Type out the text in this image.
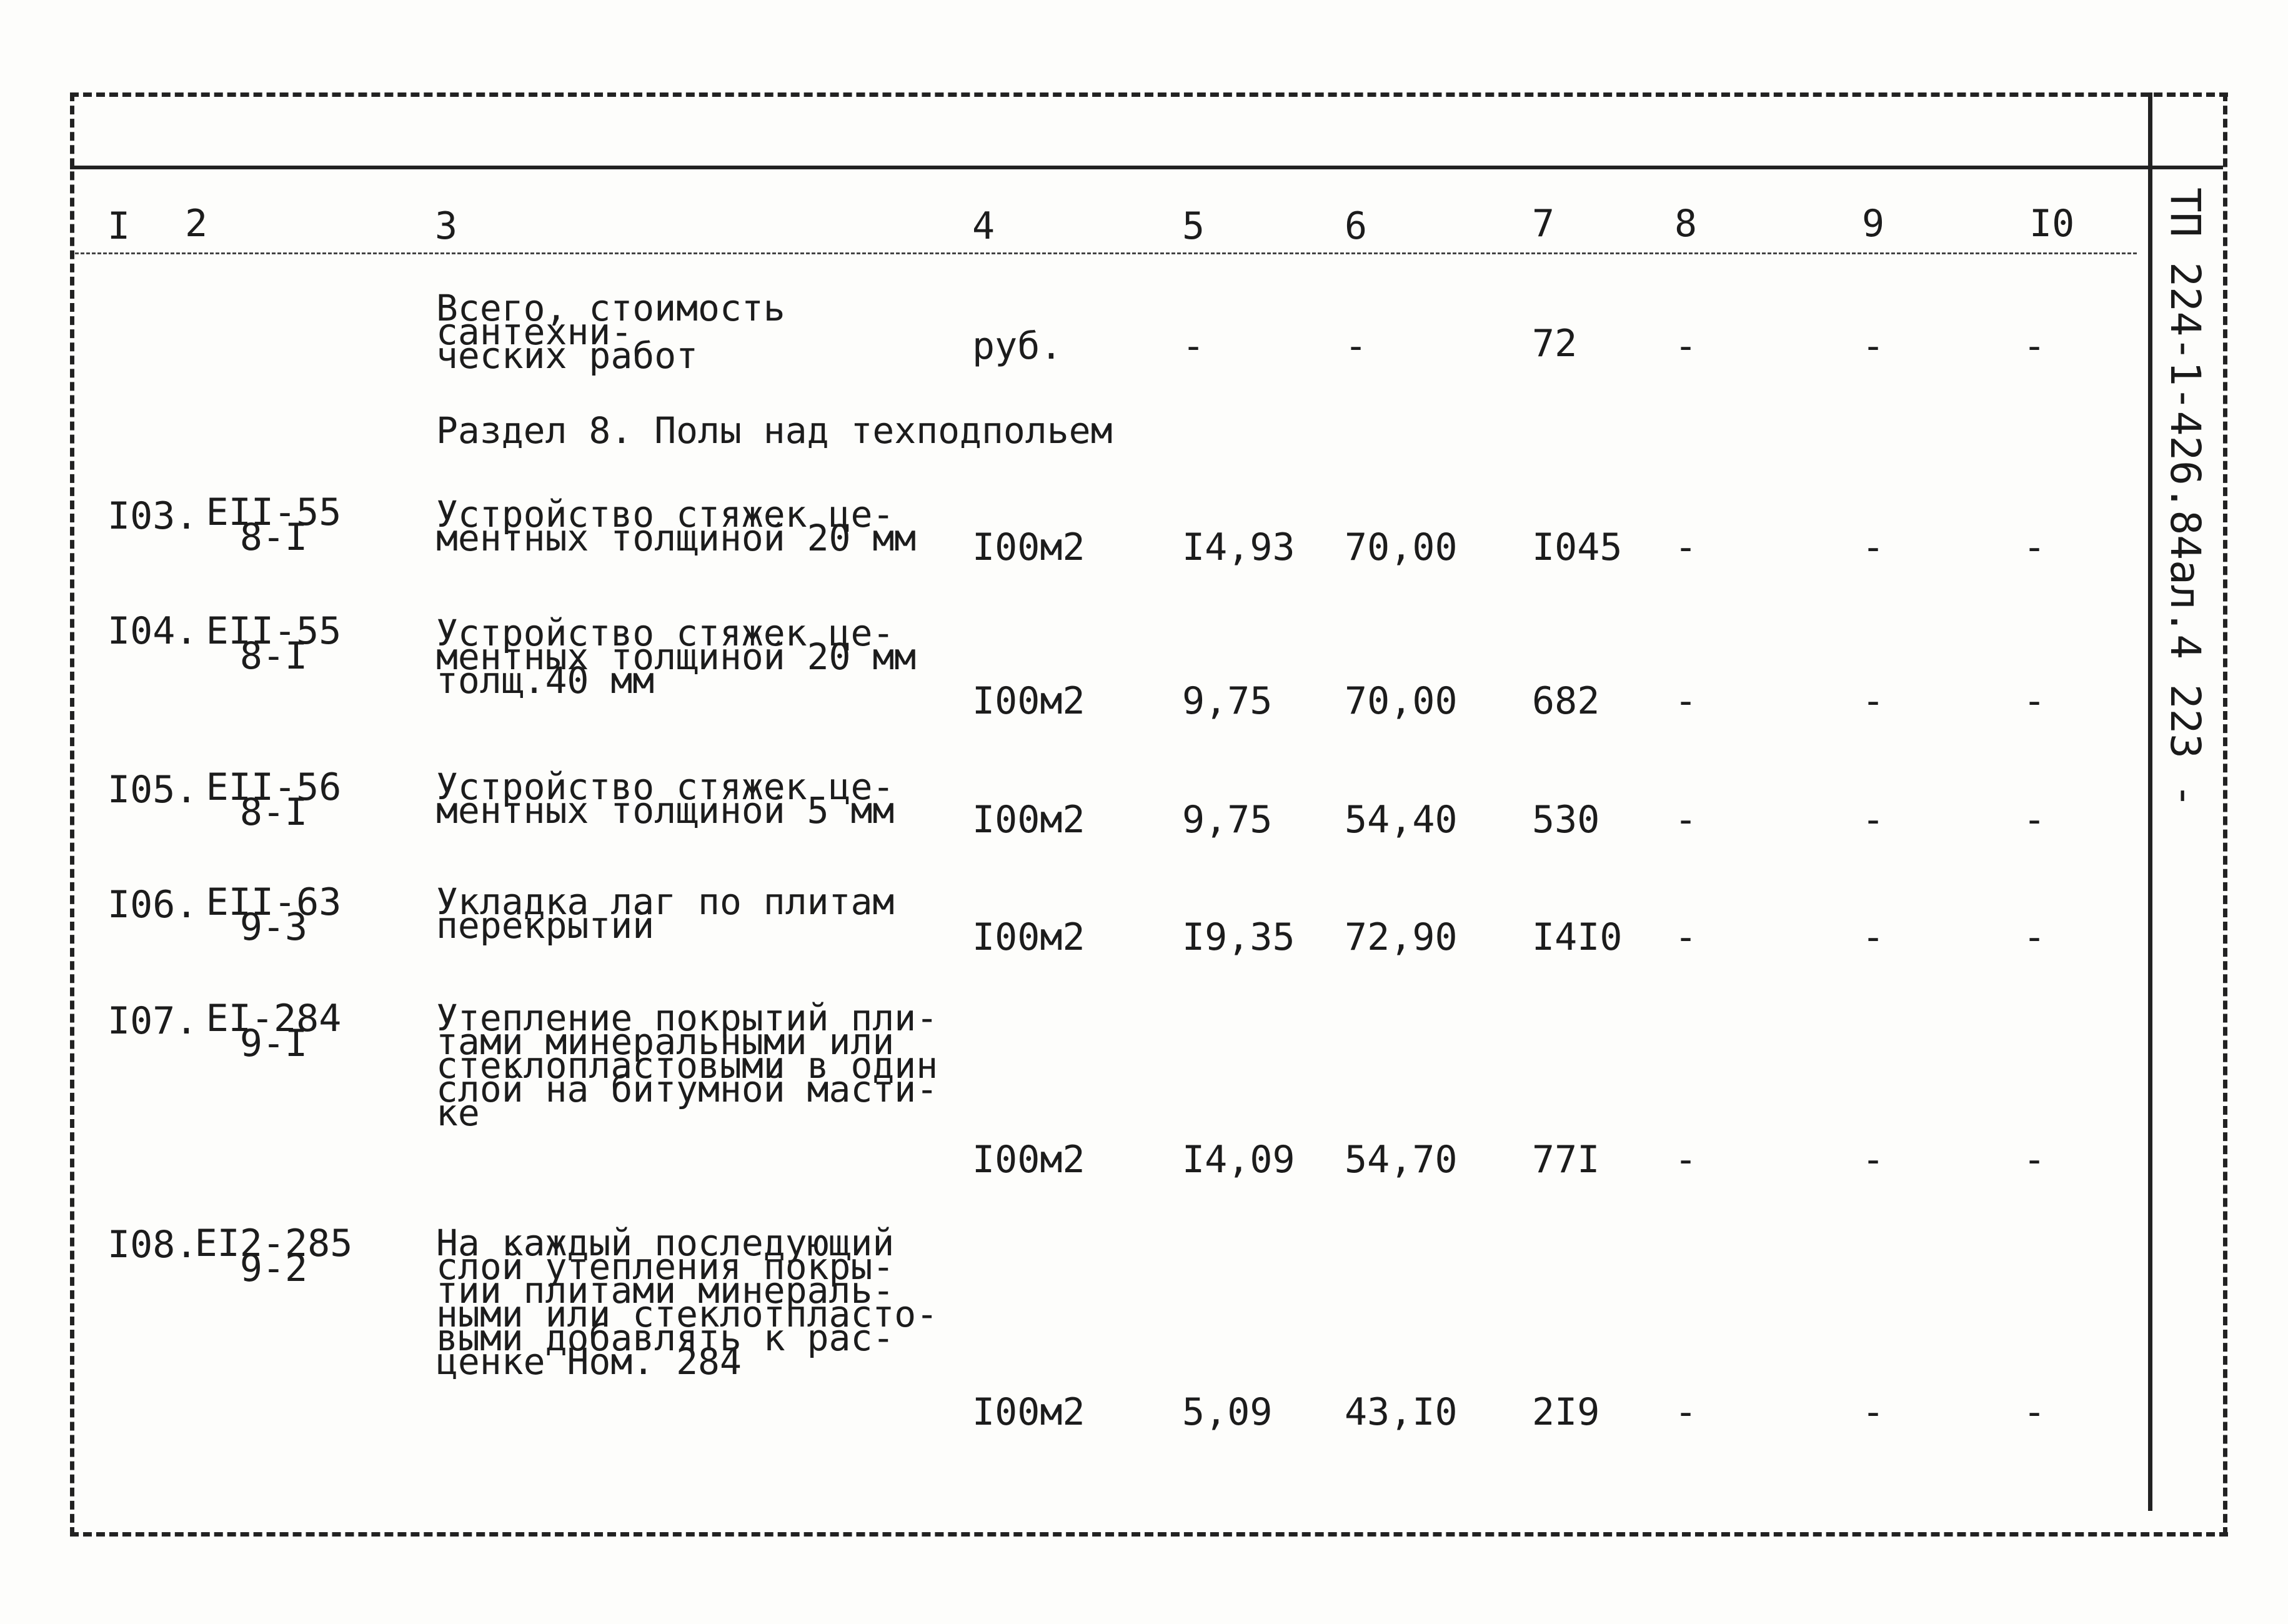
I 2	3	4	5	6	7	8	9	I0
Всего, стоимость сантехни-
ческих работ	руб.	-	-	72	-	-	-
Раздел 8. Полы над техподпольем
I03. EII-55
8-I
Устройство стяжек це-
ментных толщиной 20 мм	I00м2	I4,93 70,00 I045 -	-	-
I04. EII-55
8-I
Устройство стяжек це-
ментных толщиной 20 мм
толщ.40 мм	I00м2	9,75 70,00 682 -	-	-
I05. EII-56
8-I
Устройство стяжек це-
ментных толщиной 5 мм	I00м2	9,75 54,40 530 -	-	-
I06. EII-63
9-3
Укладка лаг по плитам
перекрытий	I00м2	I9,35 72,90 I4I0 -	-	-
I07. EI-284
9-I
Утепление покрытий пли-
тами минеральными или
стеклопластовыми в один
слой на битумной масти-
ке
I00м2	I4,09 54,70 77I -	-	-
I08.
EI2-285
9-2
На каждый последующий
слой утепления покры-
тий плитами минераль-
ными или стеклотпласто-
выми добавлять к рас-
ценке Ном. 284
I00м2	5,09 43,I0 2I9 -	-	-
ТП 224-1-426.84ал.4 223 -
